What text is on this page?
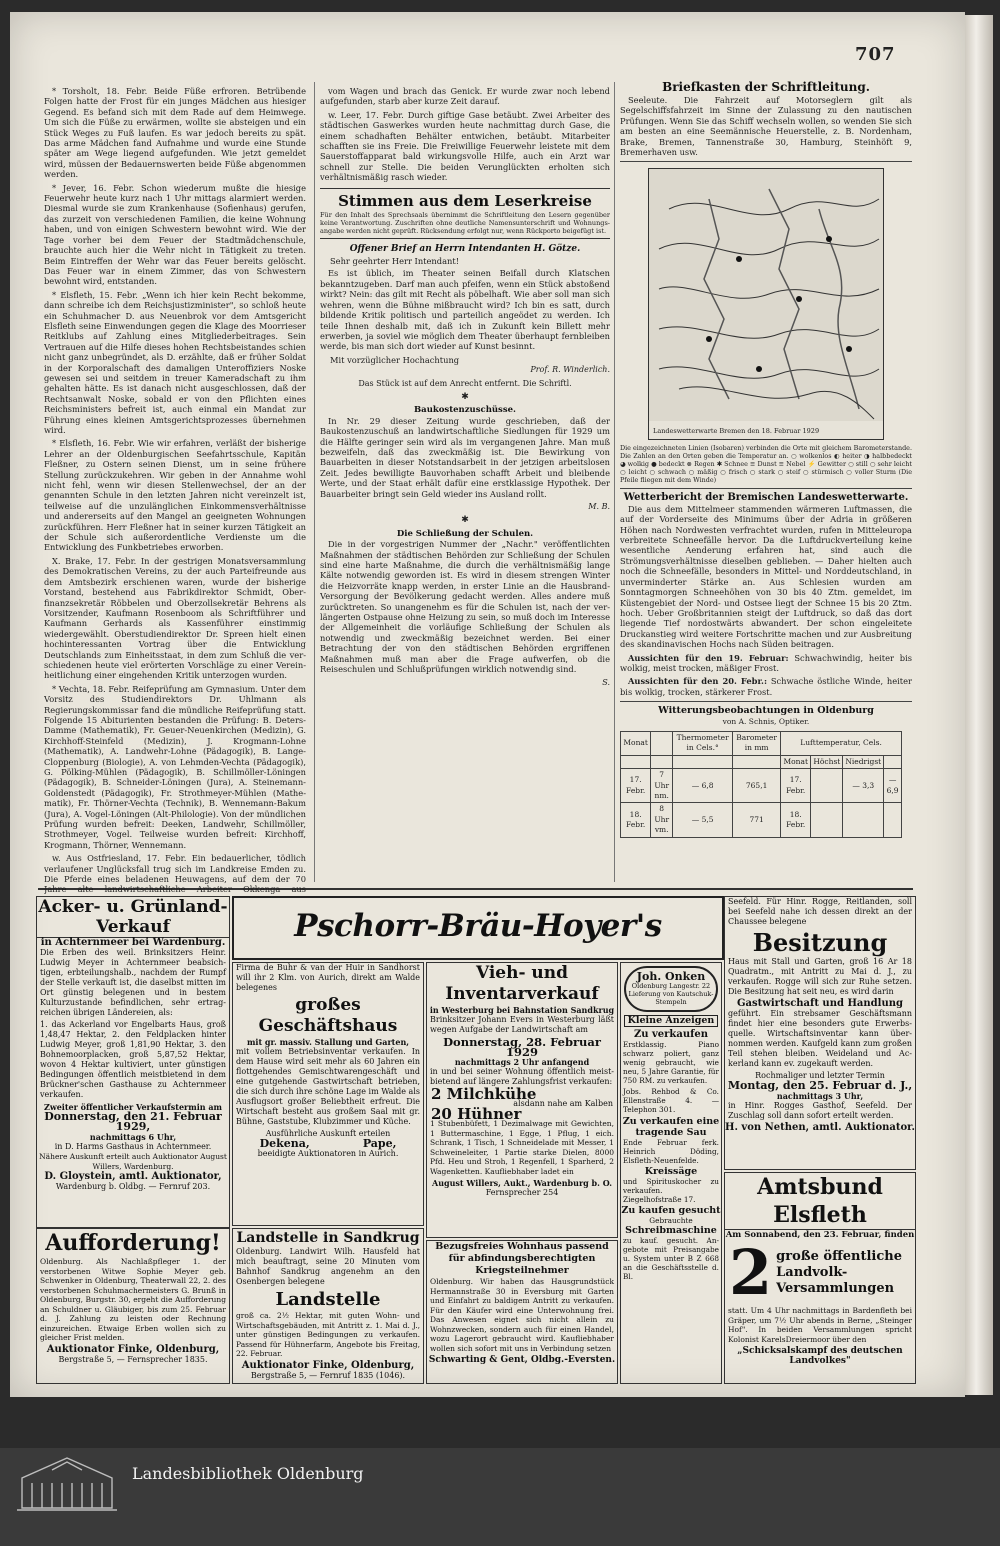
707

* Torsholt, 18. Febr. Beide Füße erfroren. Betrübende Folgen hatte der Frost für ein junges Mädchen aus hiesiger Gegend. Es befand sich mit dem Rade auf dem Heimwege. Um sich die Füße zu erwärmen, wollte sie absteigen und ein Stück Weges zu Fuß laufen. Es war jedoch bereits zu spät. Das arme Mädchen fand Aufnahme und wurde eine Stunde später am Wege liegend aufgefunden. Wie jetzt gemeldet wird, müssen der Bedauernswerten beide Füße abgenommen werden.

* Jever, 16. Febr. Schon wiederum mußte die hiesige Feuerwehr heute kurz nach 1 Uhr mittags alarmiert werden. Diesmal wurde sie zum Krankenhause (Sofienhaus) gerufen, das zurzeit von verschiedenen Familien, die keine Wohnung haben, und von einigen Schwestern bewohnt wird. Wie der Tage vorher bei dem Feuer der Stadtmädchenschule, brauchte auch hier die Wehr nicht in Tätigkeit zu treten. Beim Eintreffen der Wehr war das Feuer bereits gelöscht. Das Feuer war in einem Zimmer, das von Schwestern bewohnt wird, entstanden.

* Elsfleth, 15. Febr. „Wenn ich hier kein Recht bekomme, dann schreibe ich dem Reichsjustizminister", so schloß heute ein Schuhmacher D. aus Neuenbrok vor dem Amtsgericht Elsfleth seine Einwendungen gegen die Klage des Moorrieser Reitklubs auf Zahlung eines Mitgliederbeitrages. Sein Vertrauen auf die Hilfe dieses hohen Rechtsbeistandes schien nicht ganz unbegründet, als D. erzählte, daß er früher Soldat in der Korporalschaft des damaligen Unteroffiziers Noske gewesen sei und seitdem in treuer Kameradschaft zu ihm gehalten hätte. Es ist danach nicht ausgeschlossen, daß der Rechtsanwalt Noske, sobald er von den Pflichten eines Reichsministers befreit ist, auch einmal ein Mandat zur Führung eines kleinen Amtsgerichtsprozesses übernehmen wird.

* Elsfleth, 16. Febr. Wie wir erfahren, verläßt der bisherige Lehrer an der Oldenburgischen Seefahrtsschule, Kapitän Fleßner, zu Ostern seinen Dienst, um in seine frühere Stellung zurückzukehren. Wir geben in der Annahme wohl nicht fehl, wenn wir diesen Stellenwechsel, der an der genannten Schule in den letzten Jahren nicht vereinzelt ist, teilweise auf die unzulänglichen Einkommensverhältnisse und andererseits auf den Mangel an geeigneten Wohnungen zurückführen. Herr Fleßner hat in seiner kurzen Tätigkeit an der Schule sich außerordentliche Verdienste um die Entwicklung des Funkbetriebes erworben.

X. Brake, 17. Febr. In der gestrigen Monatsversammlung des Demokratischen Vereins, zu der auch Parteifreunde aus dem Amtsbezirk erschienen waren, wurde der bisherige Vorstand, bestehend aus Fabrikdirektor Schmidt, Oberfinanzsekretär Röbbelen und Oberzollsekretär Behrens als Vorsitzender, Kaufmann Rosenboom als Schriftführer und Kaufmann Gerhards als Kassenführer einstimmig wiedergewählt. Oberstudiendirektor Dr. Spreen hielt einen hochinteressanten Vortrag über die Entwicklung Deutschlands zum Einheitsstaat, in dem zum Schluß die verschiedenen heute viel erörterten Vorschläge zu einer Vereinheitlichung einer eingehenden Kritik unterzogen wurden.

* Vechta, 18. Febr. Reifeprüfung am Gymnasium. Unter dem Vorsitz des Studiendirektors Dr. Uhlmann als Regierungskommissar fand die mündliche Reifeprüfung statt. Folgende 15 Abiturienten bestanden die Prüfung: B. Deters-Damme (Mathematik), Fr. Geuer-Neuenkirchen (Medizin), G. Kirchhoff-Steinfeld (Medizin), J. Krogmann-Lohne (Mathematik), A. Landwehr-Lohne (Pädagogik), B. Lange-Cloppenburg (Biologie), A. von Lehmden-Vechta (Pädagogik), G. Pölking-Mühlen (Pädagogik), B. Schillmöller-Löningen (Pädagogik), B. Schneider-Löningen (Jura), A. Steinemann-Goldenstedt (Pädagogik), Fr. Strothmeyer-Mühlen (Mathematik), Fr. Thörner-Vechta (Technik), B. Wennemann-Bakum (Jura), A. Vogel-Löningen (Alt-Philologie). Von der mündlichen Prüfung wurden befreit: Deeken, Landwehr, Schillmöller, Strothmeyer, Vogel. Teilweise wurden befreit: Kirchhoff, Krogmann, Thörner, Wennemann.

w. Aus Ostfriesland, 17. Febr. Ein bedauerlicher, tödlich verlaufener Unglücksfall trug sich im Landkreise Emden zu. Die Pferde eines beladenen Heuwagens, auf dem der 70 Jahre alte landwirtschaftliche Arbeiter Okkenga aus

vom Wagen und brach das Genick. Er wurde zwar noch lebend aufgefunden, starb aber kurze Zeit darauf.

w. Leer, 17. Febr. Durch giftige Gase betäubt. Zwei Arbeiter des städtischen Gaswerkes wurden heute nachmittag durch Gase, die einem schadhaften Behälter entwichen, betäubt. Mitarbeiter schafften sie ins Freie. Die Freiwillige Feuerwehr leistete mit dem Sauerstoffapparat bald wirkungsvolle Hilfe, auch ein Arzt war schnell zur Stelle. Die beiden Verunglückten erholten sich verhältnismäßig rasch wieder.

Stimmen aus dem Leserkreise
Für den Inhalt des Sprechsaals übernimmt die Schriftleitung den Lesern gegenüber keine Verantwortung. Zuschriften ohne deutliche Namensunterschrift und Wohnungsangabe werden nicht geprüft. Rücksendung erfolgt nur, wenn Rückporto beigefügt ist.
Offener Brief an Herrn Intendanten H. Götze.
Sehr geehrter Herr Intendant!

Es ist üblich, im Theater seinen Beifall durch Klatschen bekanntzugeben. Darf man auch pfeifen, wenn ein Stück abstoßend wirkt? Nein: das gilt mit Recht als pöbelhaft. Wie aber soll man sich wehren, wenn die Bühne mißbraucht wird? Ich bin es satt, durch bildende Kritik politisch und parteilich angeödet zu werden. Ich teile Ihnen deshalb mit, daß ich in Zukunft kein Billett mehr erwerben, ja soviel wie möglich dem Theater überhaupt fernbleiben werde, bis man sich dort wieder auf Kunst besinnt.

Mit vorzüglicher Hochachtung
Prof. R. Winderlich.
Das Stück ist auf dem Anrecht entfernt. Die Schriftl.
✱
Baukostenzuschüsse.

In Nr. 29 dieser Zeitung wurde geschrieben, daß der Baukostenzuschuß an landwirtschaftliche Siedlungen für 1929 um die Hälfte geringer sein wird als im vergangenen Jahre. Man muß bezweifeln, daß das zweckmäßig ist. Die Bewirkung von Bauarbeiten in dieser Notstandsarbeit in der jetzigen arbeitslosen Zeit. Jedes bewilligte Bauvorhaben schafft Arbeit und bleibende Werte, und der Staat erhält dafür eine erstklassige Hypothek. Der Bauarbeiter bringt sein Geld wieder ins Ausland rollt.

M. B.
✱
Die Schließung der Schulen.

Die in der vorgestrigen Nummer der „Nachr." veröffentlichten Maßnahmen der städtischen Behörden zur Schließung der Schulen sind eine harte Maßnahme, die durch die verhältnismäßig lange Kälte notwendig geworden ist. Es wird in diesem strengen Winter die Heizvorräte knapp werden, in erster Linie an die Hausbrand-Versorgung der Bevölkerung gedacht werden. Alles andere muß zurücktreten. So unangenehm es für die Schulen ist, nach der verlängerten Ostpause ohne Heizung zu sein, so muß doch im Interesse der Allgemeinheit die vorläufige Schließung der Schulen als notwendig und zweckmäßig bezeichnet werden. Bei einer Betrachtung der von den städtischen Behörden ergriffenen Maßnahmen muß man aber die Frage aufwerfen, ob die Reiseschulen und Schlußprüfungen wirklich notwendig sind.

S.
Briefkasten der Schriftleitung.

Seeleute. Die Fahrzeit auf Motorseglern gilt als Segelschiffsfahrzeit im Sinne der Zulassung zu den nautischen Prüfungen. Wenn Sie das Schiff wechseln wollen, so wenden Sie sich am besten an eine Seemännische Heuerstelle, z. B. Nordenham, Brake, Bremen, Tannenstraße 30, Hamburg, Steinhöft 9, Bremerhaven usw.

Landeswetterwarte Bremen den 18. Februar 1929
Die eingezeichneten Linien (Isobaren) verbinden die Orte mit gleichem Barometerstande. Die Zahlen an den Orten geben die Temperatur an. ○ wolkenlos ◐ heiter ◑ halbbedeckt ◕ wolkig ● bedeckt ⊗ Regen ✱ Schnee ≡ Dunst ≡ Nebel ⚡ Gewitter ○ still ○ sehr leicht ○ leicht ○ schwach ○ mäßig ○ frisch ○ stark ○ steif ○ stürmisch ○ voller Sturm (Die Pfeile fliegen mit dem Winde)
Wetterbericht der Bremischen Landeswetterwarte.

Die aus dem Mittelmeer stammenden wärmeren Luftmassen, die auf der Vorderseite des Minimums über der Adria in größeren Höhen nach Nordwesten verfrachtet wurden, rufen in Mitteleuropa verbreitete Schneefälle hervor. Da die Luftdruckverteilung keine wesentliche Aenderung erfahren hat, sind auch die Strömungsverhältnisse dieselben geblieben. — Daher hielten auch noch die Schneefälle, besonders in Mittel- und Norddeutschland, in unverminderter Stärke an. Aus Schlesien wurden am Sonntagmorgen Schneehöhen von 30 bis 40 Ztm. gemeldet, im Küstengebiet der Nord- und Ostsee liegt der Schnee 15 bis 20 Ztm. hoch. Ueber Großbritannien steigt der Luftdruck, so daß das dort liegende Tief nordostwärts abwandert. Der schon eingeleitete Druckanstieg wird weitere Fortschritte machen und zur Ausbreitung des skandinavischen Hochs nach Süden beitragen.

Aussichten für den 19. Februar: Schwachwindig, heiter bis wolkig, meist trocken, mäßiger Frost.

Aussichten für den 20. Febr.: Schwache östliche Winde, heiter bis wolkig, trocken, stärkerer Frost.

Witterungsbeobachtungen in Oldenburg
von A. Schnis, Optiker.
Monat		Thermometer in Cels.°	Barometer in mm	Lufttemperatur, Cels.			
				Monat	Höchst	Niedrigst	
17. Febr.	7 Uhr nm.	— 6,8	765,1	17. Febr.		— 3,3	— 6,9
18. Febr.	8 Uhr vm.	— 5,5	771	18. Febr.			
Acker- u. Grünland-Verkauf
in Achternmeer bei Wardenburg.

Die Erben des weil. Brinksitzers Heinr. Ludwig Meyer in Achternmeer beabsichtigen, erbteilungshalb., nachdem der Rumpf der Stelle verkauft ist, die daselbst mitten im Ort günstig belegenen und in bestem Kulturzustande befindlichen, sehr ertragreichen übrigen Ländereien, als:

1. das Ackerland vor Engelbarts Haus, groß 1,48,47 Hektar, 2. den Feldplacken hinter Ludwig Meyer, groß 1,81,90 Hektar, 3. den Bohnemoorplacken, groß 5,87,52 Hektar, wovon 4 Hektar kultiviert, unter günstigen Bedingungen öffentlich meistbietend in dem Brückner'schen Gasthause zu Achternmeer verkaufen.

Zweiter öffentlicher Verkaufstermin am
Donnerstag, den 21. Februar 1929,
nachmittags 6 Uhr,
in D. Harms Gasthaus in Achternmeer.
Nähere Auskunft erteilt auch Auktionator August Willers, Wardenburg.
D. Gloystein, amtl. Auktionator,
Wardenburg b. Oldbg. — Fernruf 203.
Aufforderung!

Oldenburg. Als Nachlaßpfleger 1. der verstorbenen Witwe Sophie Meyer geb. Schwenker in Oldenburg, Theaterwall 22, 2. des verstorbenen Schuhmachermeisters G. Brunß in Oldenburg, Burgstr. 30, ergeht die Aufforderung an Schuldner u. Gläubiger, bis zum 25. Februar d. J. Zahlung zu leisten oder Rechnung einzureichen. Etwaige Erben wollen sich zu gleicher Frist melden.

Auktionator Finke, Oldenburg,
Bergstraße 5, — Fernsprecher 1835.
Pschorr-Bräu-Hoyer's

Firma de Buhr & van der Huir in Sandhorst will ihr 2 Klm. von Aurich, direkt am Walde belegenes

großes Geschäftshaus
mit gr. massiv. Stallung und Garten,

mit vollem Betriebsinventar verkaufen. In dem Hause wird seit mehr als 60 Jahren ein flottgehendes Gemischtwarengeschäft und eine gutgehende Gastwirtschaft betrieben, die sich durch ihre schöne Lage im Walde als Ausflugsort großer Beliebtheit erfreut. Die Wirtschaft besteht aus großem Saal mit gr. Bühne, Gaststube, Klubzimmer und Küche.

Ausführliche Auskunft erteilen
Dekena,	Pape,
beeidigte Auktionatoren in Aurich.
Landstelle in Sandkrug

Oldenburg. Landwirt Wilh. Hausfeld hat mich beauftragt, seine 20 Minuten vom Bahnhof Sandkrug angenehm an den Osenbergen belegene

Landstelle

groß ca. 2½ Hektar, mit guten Wohn- und Wirtschaftsgebäuden, mit Antritt z. 1. Mai d. J., unter günstigen Bedingungen zu verkaufen. Passend für Hühnerfarm, Angebote bis Freitag, 22. Februar.

Auktionator Finke, Oldenburg,
Bergstraße 5, — Fernruf 1835 (1046).
Vieh- und Inventarverkauf
in Westerburg bei Bahnstation Sandkrug

Brinksitzer Johann Evers in Westerburg läßt wegen Aufgabe der Landwirtschaft am

Donnerstag, 28. Februar 1929
nachmittags 2 Uhr anfangend

in und bei seiner Wohnung öffentlich meistbietend auf längere Zahlungsfrist verkaufen:

2 Milchkühe
alsdann nahe am Kalben
20 Hühner

1 Stubenbüfett, 1 Dezimalwage mit Gewichten, 1 Buttermaschine, 1 Egge, 1 Pflug, 1 eich. Schrank, 1 Tisch, 1 Schneidelade mit Messer, 1 Schweineleiter, 1 Partie starke Dielen, 8000 Pfd. Heu und Stroh, 1 Regenfell, 1 Sparherd, 2 Wagenketten. Kaufliebhaber ladet ein

August Willers, Aukt., Wardenburg b. O.
Fernsprecher 254
Bezugsfreies Wohnhaus passend für abfindungsberechtigten Kriegsteilnehmer

Oldenburg. Wir haben das Hausgrundstück Hermannstraße 30 in Eversburg mit Garten und Einfahrt zu baldigem Antritt zu verkaufen. Für den Käufer wird eine Unterwohnung frei. Das Anwesen eignet sich nicht allein zu Wohnzwecken, sondern auch für einen Handel, wozu Lagerort gebraucht wird. Kaufliebhaber wollen sich sofort mit uns in Verbindung setzen

Schwarting & Gent, Oldbg.-Eversten.
Joh. Onken
Oldenburg Langestr. 22
Lieferung von Kautschuk-Stempeln
Kleine Anzeigen
Zu verkaufen

Erstklassig. Piano schwarz poliert, ganz wenig gebraucht, wie neu, 5 Jahre Garantie, für 750 RM. zu verkaufen.

Jobs. Rehbod & Co. Ellenstraße 4. — Telephon 301.

Zu verkaufen eine tragende Sau

Ende Februar ferk. Heinrich Döding, Elsfleth-Neuenfelde.

Kreissäge

und Spirituskocher zu verkaufen. Ziegelhofstraße 17.

Zu kaufen gesucht
Gebrauchte
Schreibmaschine

zu kauf. gesucht. Angebote mit Preisangabe u. System unter B Z 668 an die Geschäftsstelle d. Bl.

Seefeld. Für Hinr. Rogge, Reitlanden, soll bei Seefeld nahe ich dessen direkt an der Chaussee belegene

Besitzung

Haus mit Stall und Garten, groß 16 Ar 18 Quadratm., mit Antritt zu Mai d. J., zu verkaufen. Rogge will sich zur Ruhe setzen. Die Besitzung hat seit neu, es wird darin

Gastwirtschaft und Handlung

geführt. Ein strebsamer Geschäftsmann findet hier eine besonders gute Erwerbsquelle. Wirtschaftsinventar kann übernommen werden. Kaufgeld kann zum großen Teil stehen bleiben. Weideland und Ackerland kann ev. zugekauft werden.

Rochmaliger und letzter Termin
Montag, den 25. Februar d. J.,
nachmittags 3 Uhr,

in Hinr. Rogges Gasthof, Seefeld. Der Zuschlag soll dann sofort erteilt werden.

H. von Nethen, amtl. Auktionator.
Amtsbund Elsfleth
Am Sonnabend, den 23. Februar, finden
2 große öffentliche Landvolk-Versammlungen

statt. Um 4 Uhr nachmittags in Bardenfleth bei Gräper, um 7½ Uhr abends in Berne, „Steinger Hof". In beiden Versammlungen spricht Kolonist KarelsDreiermoor über den

„Schicksalskampf des deutschen Landvolkes"
Landesbibliothek Oldenburg
